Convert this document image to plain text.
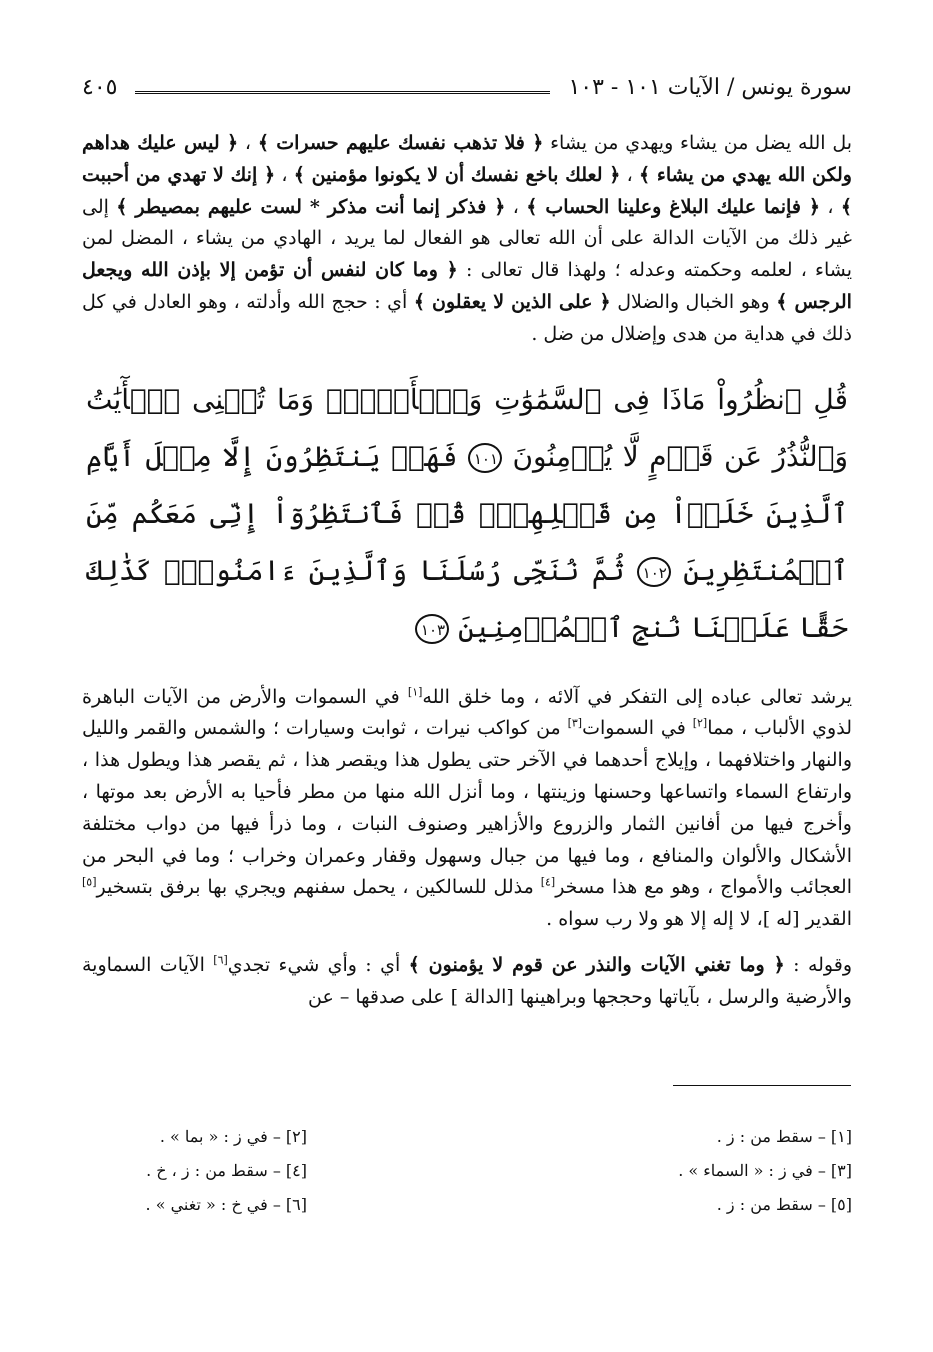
٤٠٥	سورة يونس / الآيات ١٠١ - ١٠٣

بل الله يضل من يشاء ويهدي من يشاء ﴿ فلا تذهب نفسك عليهم حسرات ﴾ ، ﴿ ليس عليك هداهم ولكن الله يهدي من يشاء ﴾ ، ﴿ لعلك باخع نفسك أن لا يكونوا مؤمنين ﴾ ، ﴿ إنك لا تهدي من أحببت ﴾ ، ﴿ فإنما عليك البلاغ وعلينا الحساب ﴾ ، ﴿ فذكر إنما أنت مذكر * لست عليهم بمصيطر ﴾ إلى غير ذلك من الآيات الدالة على أن الله تعالى هو الفعال لما يريد ، الهادي من يشاء ، المضل لمن يشاء ، لعلمه وحكمته وعدله ؛ ولهذا قال تعالى : ﴿ وما كان لنفس أن تؤمن إلا بإذن الله ويجعل الرجس ﴾ وهو الخبال والضلال ﴿ على الذين لا يعقلون ﴾ أي : حجج الله وأدلته ، وهو العادل في كل ذلك في هداية من هدى وإضلال من ضل .

قُلِ ٱنظُرُواْ مَاذَا فِى ٱلسَّمَٰوَٰتِ وَٱلۡأَرۡضِۚ وَمَا تُغۡنِى ٱلۡأٓيَٰتُ وَٱلنُّذُرُ عَن قَوۡمٍ لَّا يُؤۡمِنُونَ ١٠١ فَهَلۡ يَنتَظِرُونَ إِلَّا مِثۡلَ أَيَّامِ ٱلَّذِينَ خَلَوۡاْ مِن قَبۡلِهِمۡۚ قُلۡ فَٱنتَظِرُوٓاْ إِنِّى مَعَكُم مِّنَ ٱلۡمُنتَظِرِينَ ١٠٢ ثُمَّ نُنَجِّى رُسُلَنَا وَٱلَّذِينَ ءَامَنُواْۚ كَذَٰلِكَ حَقًّا عَلَيۡنَا نُنجِ ٱلۡمُؤۡمِنِينَ ١٠٣

يرشد تعالى عباده إلى التفكر في آلائه ، وما خلق الله[١] في السموات والأرض من الآيات الباهرة لذوي الألباب ، مما[٢] في السموات[٣] من كواكب نيرات ، ثوابت وسيارات ؛ والشمس والقمر والليل والنهار واختلافهما ، وإيلاج أحدهما في الآخر حتى يطول هذا ويقصر هذا ، ثم يقصر هذا ويطول هذا ، وارتفاع السماء واتساعها وحسنها وزينتها ، وما أنزل الله منها من مطر فأحيا به الأرض بعد موتها ، وأخرج فيها من أفانين الثمار والزروع والأزاهير وصنوف النبات ، وما ذرأ فيها من دواب مختلفة الأشكال والألوان والمنافع ، وما فيها من جبال وسهول وقفار وعمران وخراب ؛ وما في البحر من العجائب والأمواج ، وهو مع هذا مسخر[٤] مذلل للسالكين ، يحمل سفنهم ويجري بها برفق بتسخير[٥] القدير [له ]، لا إله إلا هو ولا رب سواه .

وقوله : ﴿ وما تغني الآيات والنذر عن قوم لا يؤمنون ﴾ أي : وأي شيء تجدي[٦] الآيات السماوية والأرضية والرسل ، بآياتها وحججها وبراهينها [الدالة ] على صدقها – عن

[١] – سقط من : ز .
[٢] – في ز : « بما » .
[٣] – في ز : « السماء » .
[٤] – سقط من : ز ، خ .
[٥] – سقط من : ز .
[٦] – في خ : « تغني » .
